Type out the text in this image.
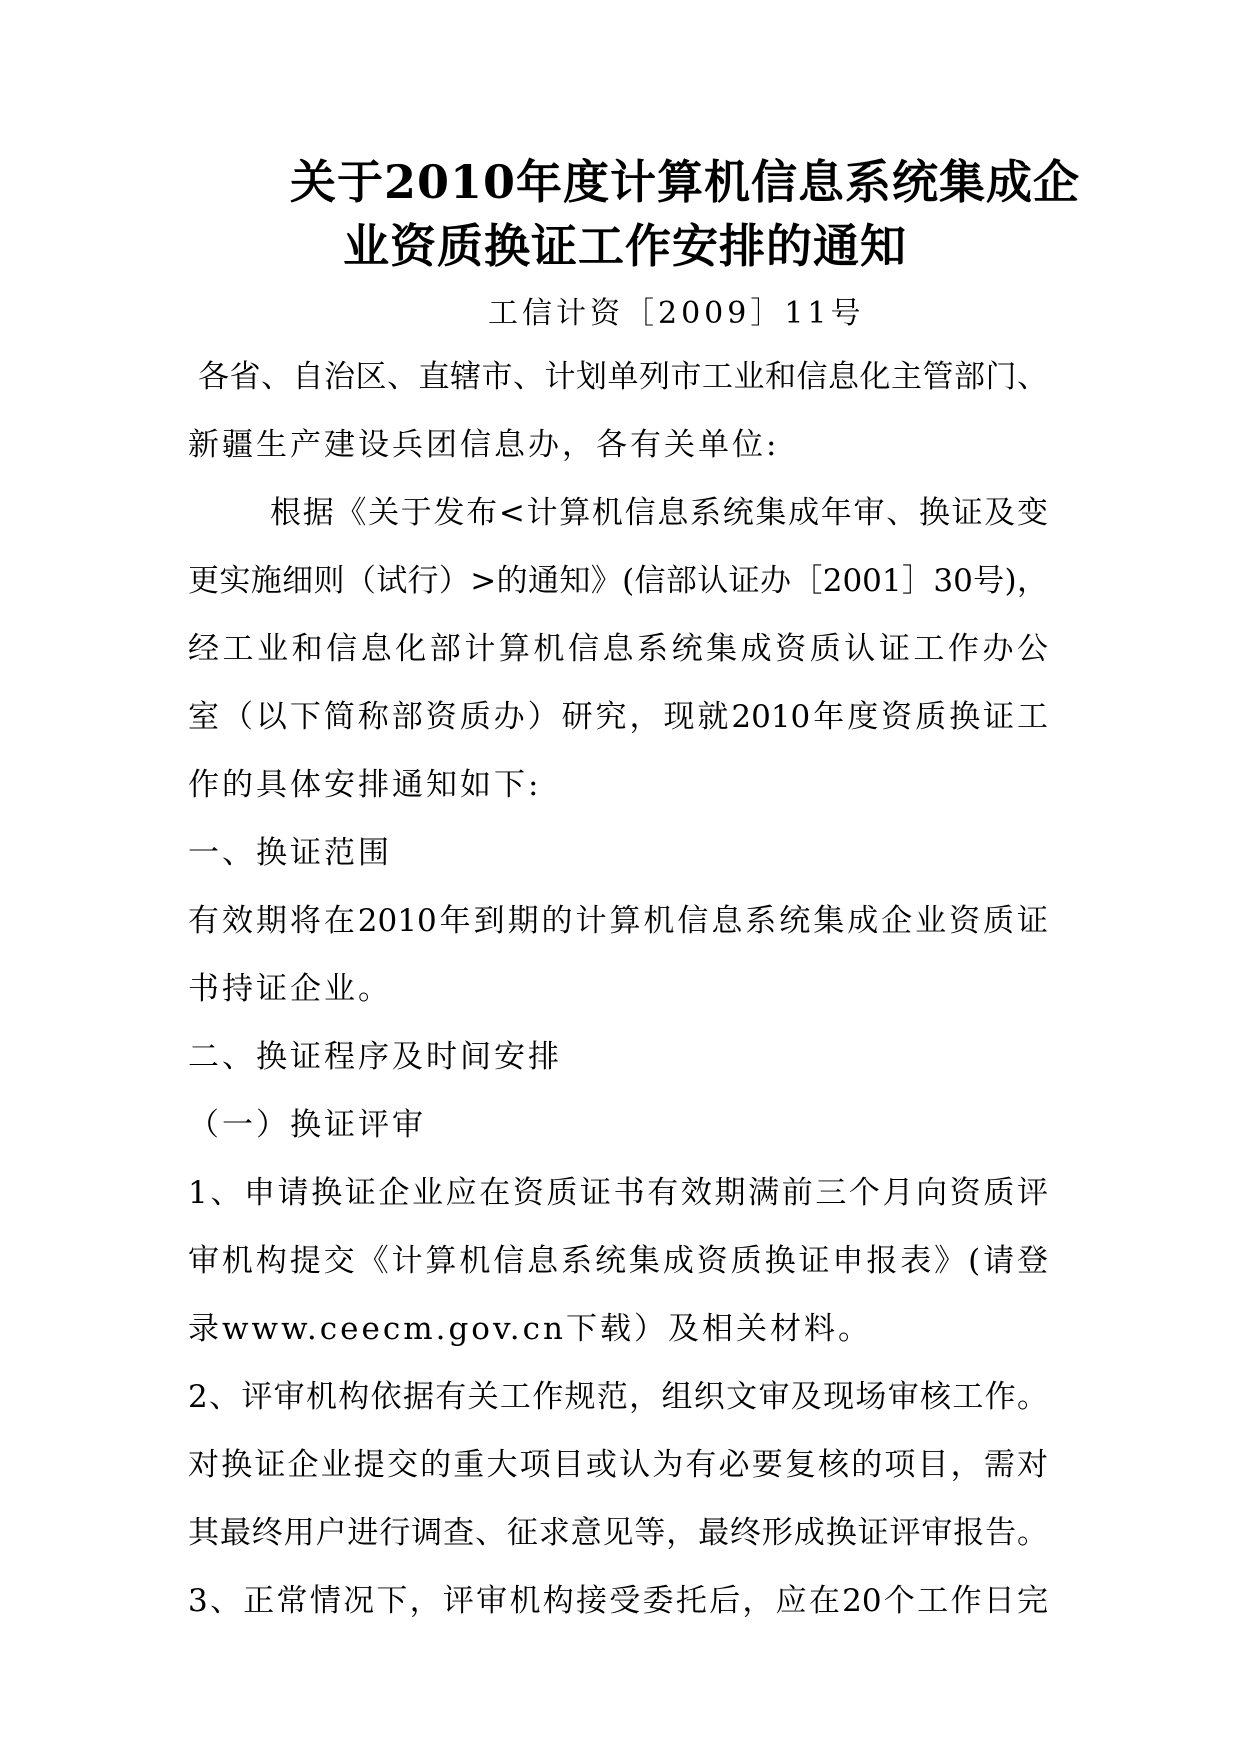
关于2010年度计算机信息系统集成企
业资质换证工作安排的通知
工信计资［2009］11号
各省、自治区、直辖市、计划单列市工业和信息化主管部门、
新疆生产建设兵团信息办，各有关单位:
根据《关于发布<计算机信息系统集成年审、换证及变
更实施细则（试行）>的通知》(信部认证办［2001］30号)，
经工业和信息化部计算机信息系统集成资质认证工作办公
室（以下简称部资质办）研究，现就2010年度资质换证工
作的具体安排通知如下:
一、换证范围
有效期将在2010年到期的计算机信息系统集成企业资质证
书持证企业。
二、换证程序及时间安排
（一）换证评审
1、申请换证企业应在资质证书有效期满前三个月向资质评
审机构提交《计算机信息系统集成资质换证申报表》(请登
录www.ceecm.gov.cn下载）及相关材料。
2、评审机构依据有关工作规范，组织文审及现场审核工作。
对换证企业提交的重大项目或认为有必要复核的项目，需对
其最终用户进行调查、征求意见等，最终形成换证评审报告。
3、正常情况下，评审机构接受委托后，应在20个工作日完
